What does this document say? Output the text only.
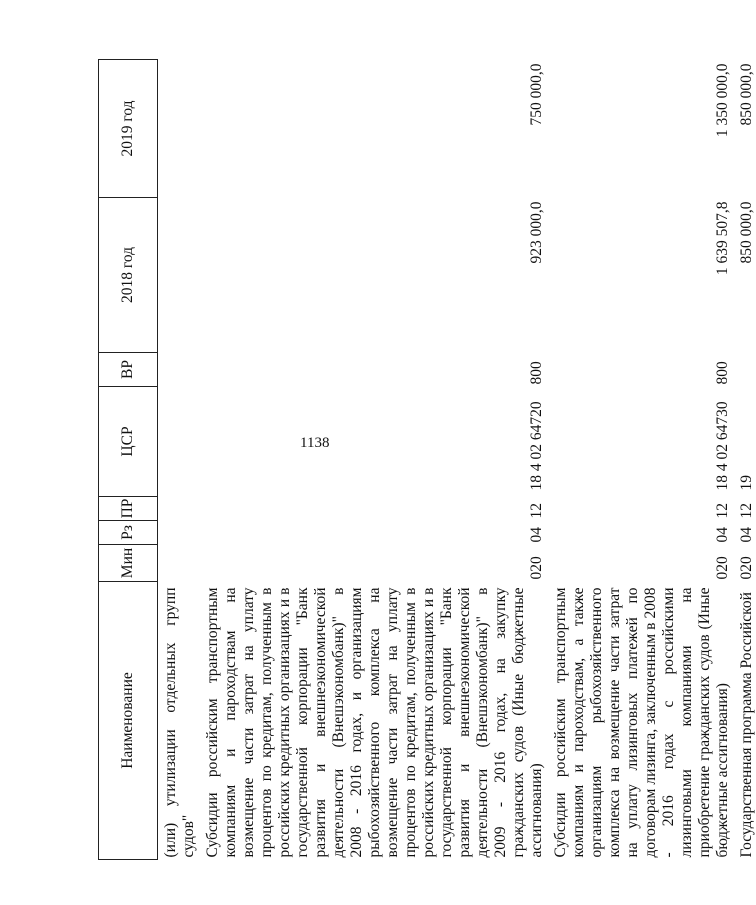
1138
Наименование	Мин	Рз	ПР	ЦСР	ВР	2018 год	2019 год
(или) утилизации отдельных групп судов"							
Субсидии российским транспортным компаниям и пароходствам на возмещение части затрат на уплату процентов по кредитам, полученным в российских кредитных организациях и в государственной корпорации "Банк развития и внешнеэкономической деятельности (Внешэкономбанк)" в 2008 - 2016 годах, и организациям рыбохозяйственного комплекса на возмещение части затрат на уплату процентов по кредитам, полученным в российских кредитных организациях и в государственной корпорации "Банк развития и внешнеэкономической деятельности (Внешэкономбанк)" в 2009 - 2016 годах, на закупку гражданских судов (Иные бюджетные ассигнования)	020	04	12	18 4 02 64720	800	923 000,0	750 000,0
Субсидии российским транспортным компаниям и пароходствам, а также организациям рыбохозяйственного комплекса на возмещение части затрат на уплату лизинговых платежей по договорам лизинга, заключенным в 2008 - 2016 годах с российскими лизинговыми компаниями на приобретение гражданских судов (Иные бюджетные ассигнования)	020	04	12	18 4 02 64730	800	1 639 507,8	1 350 000,0
Государственная программа Российской	020	04	12	19		850 000,0	850 000,0
